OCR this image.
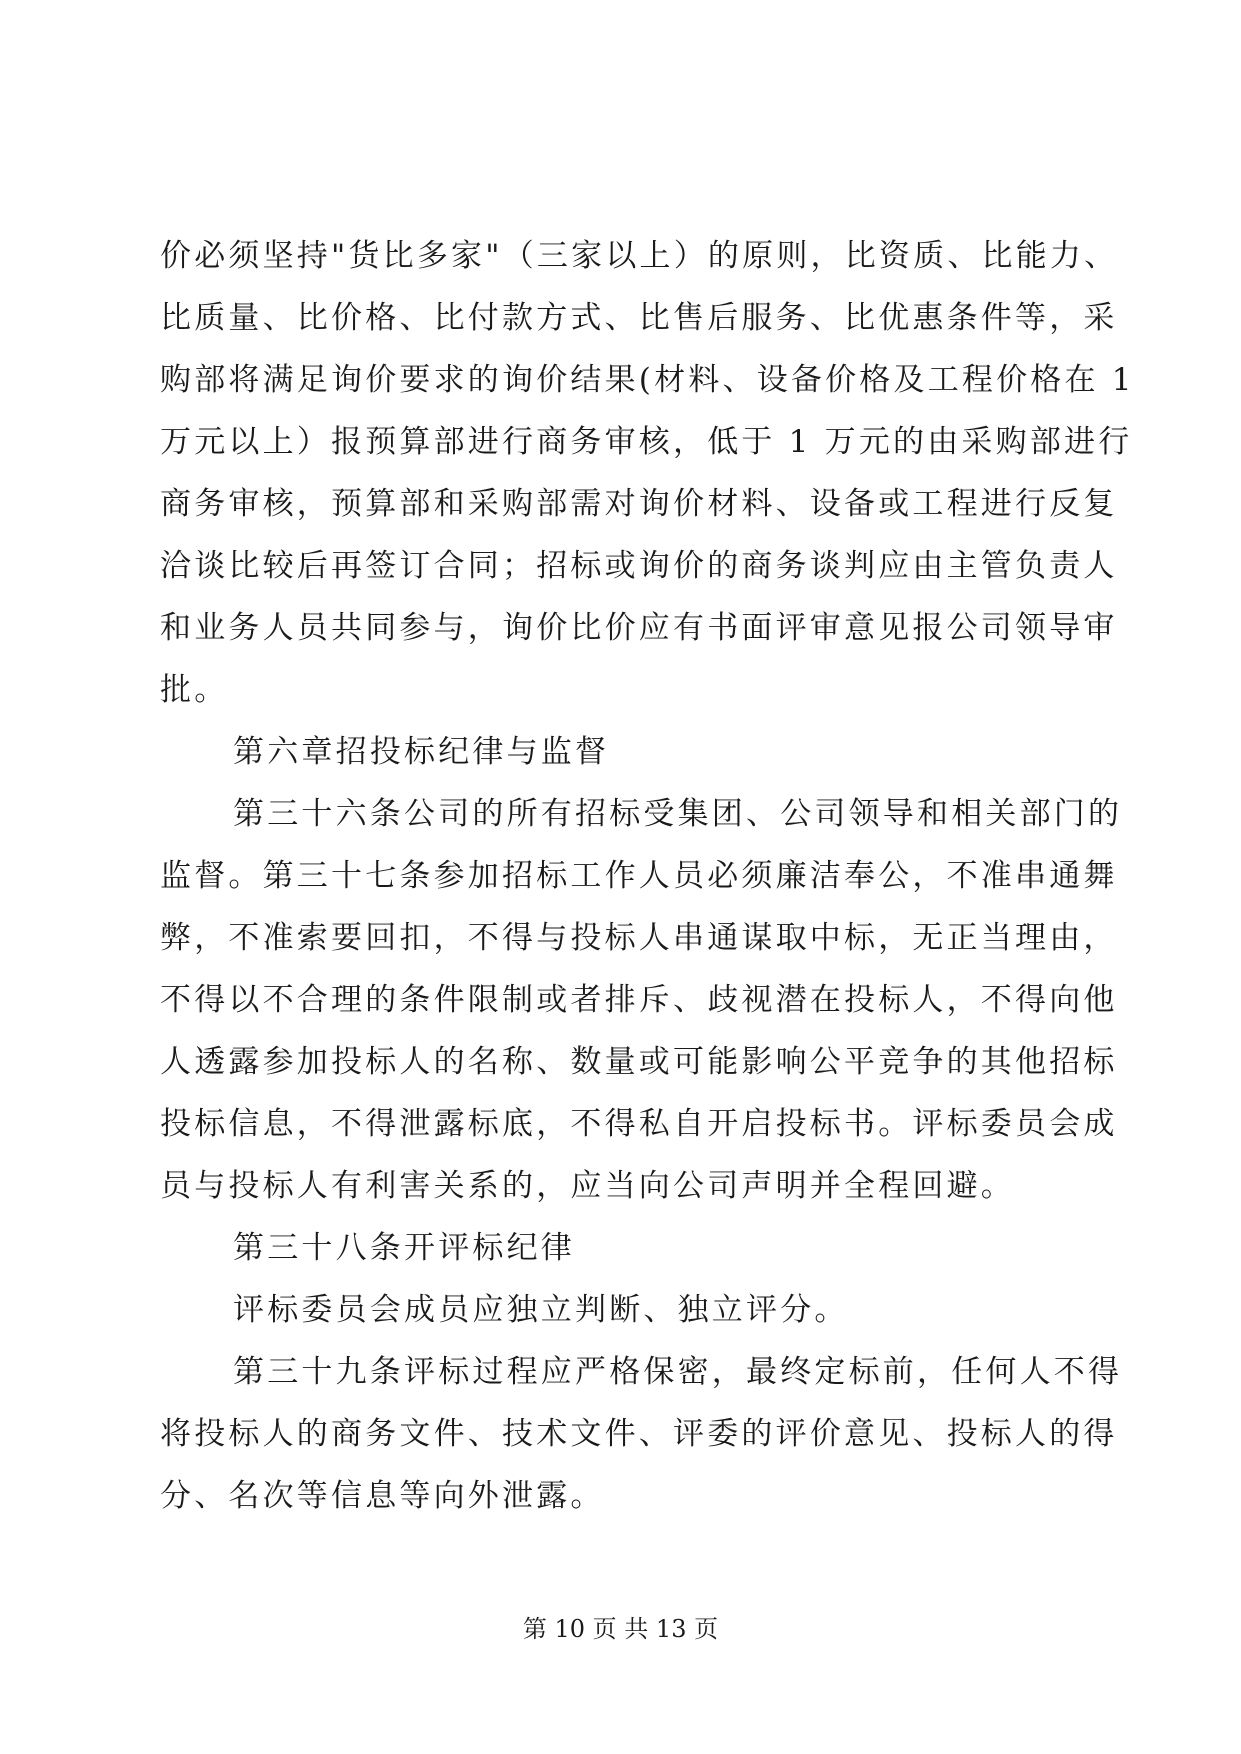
价必须坚持"货比多家"（三家以上）的原则，比资质、比能力、
比质量、比价格、比付款方式、比售后服务、比优惠条件等，采
购部将满足询价要求的询价结果(材料、设备价格及工程价格在 1
万元以上）报预算部进行商务审核，低于 1 万元的由采购部进行
商务审核，预算部和采购部需对询价材料、设备或工程进行反复
洽谈比较后再签订合同；招标或询价的商务谈判应由主管负责人
和业务人员共同参与，询价比价应有书面评审意见报公司领导审
批。
第六章招投标纪律与监督
第三十六条公司的所有招标受集团、公司领导和相关部门的
监督。第三十七条参加招标工作人员必须廉洁奉公，不准串通舞
弊，不准索要回扣，不得与投标人串通谋取中标，无正当理由，
不得以不合理的条件限制或者排斥、歧视潜在投标人，不得向他
人透露参加投标人的名称、数量或可能影响公平竞争的其他招标
投标信息，不得泄露标底，不得私自开启投标书。评标委员会成
员与投标人有利害关系的，应当向公司声明并全程回避。
第三十八条开评标纪律
评标委员会成员应独立判断、独立评分。
第三十九条评标过程应严格保密，最终定标前，任何人不得
将投标人的商务文件、技术文件、评委的评价意见、投标人的得
分、名次等信息等向外泄露。
第 10 页 共 13 页
